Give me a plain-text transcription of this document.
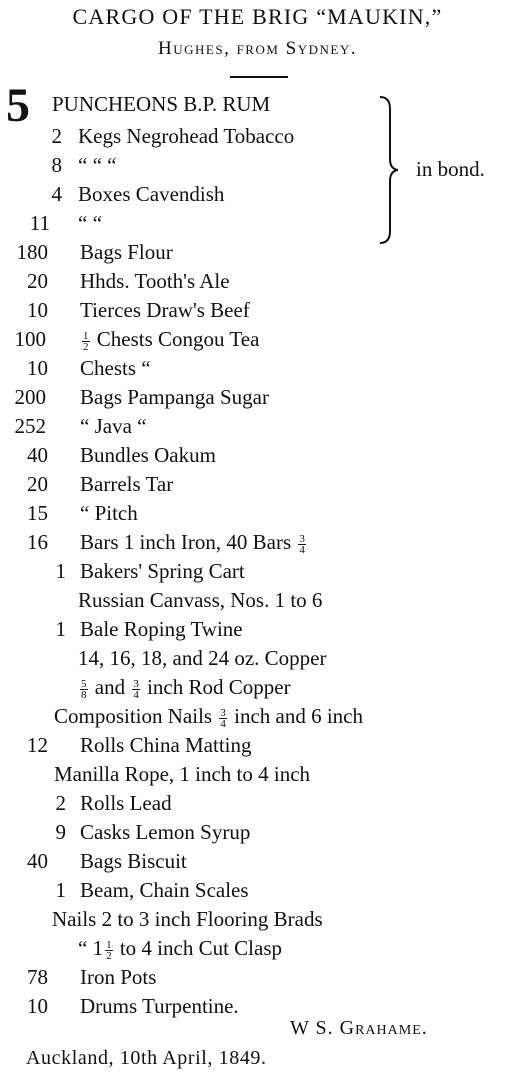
CARGO OF THE BRIG “MAUKIN,”
Hughes, from Sydney.
5 PUNCHEONS B.P. RUM
in bond.
2 Kegs Negrohead Tobacco
8 “ “ “
4 Boxes Cavendish
11 “ “
180 Bags Flour
20 Hhds. Tooth's Ale
10 Tierces Draw's Beef
100	$\frac{1}{2}$ Chests Congou Tea
10 Chests “
200 Bags Pampanga Sugar
252 “ Java “
40 Bundles Oakum
20 Barrels Tar
15 “ Pitch
16 Bars 1 inch Iron, 40 Bars $\frac{3}{4}$
1 Bakers' Spring Cart
Russian Canvass, Nos. 1 to 6
1 Bale Roping Twine
14, 16, 18, and 24 oz. Copper
$\frac{5}{8}$ and $\frac{3}{4}$ inch Rod Copper
Composition Nails $\frac{3}{4}$ inch and 6 inch
12 Rolls China Matting
Manilla Rope, 1 inch to 4 inch
2 Rolls Lead
9 Casks Lemon Syrup
40 Bags Biscuit
1 Beam, Chain Scales
Nails 2 to 3 inch Flooring Brads
“ $1 \frac{1}{2}$ to 4 inch Cut Clasp
78 Iron Pots
10 Drums Turpentine.
W S. Grahame.
Auckland, 10th April, 1849.
